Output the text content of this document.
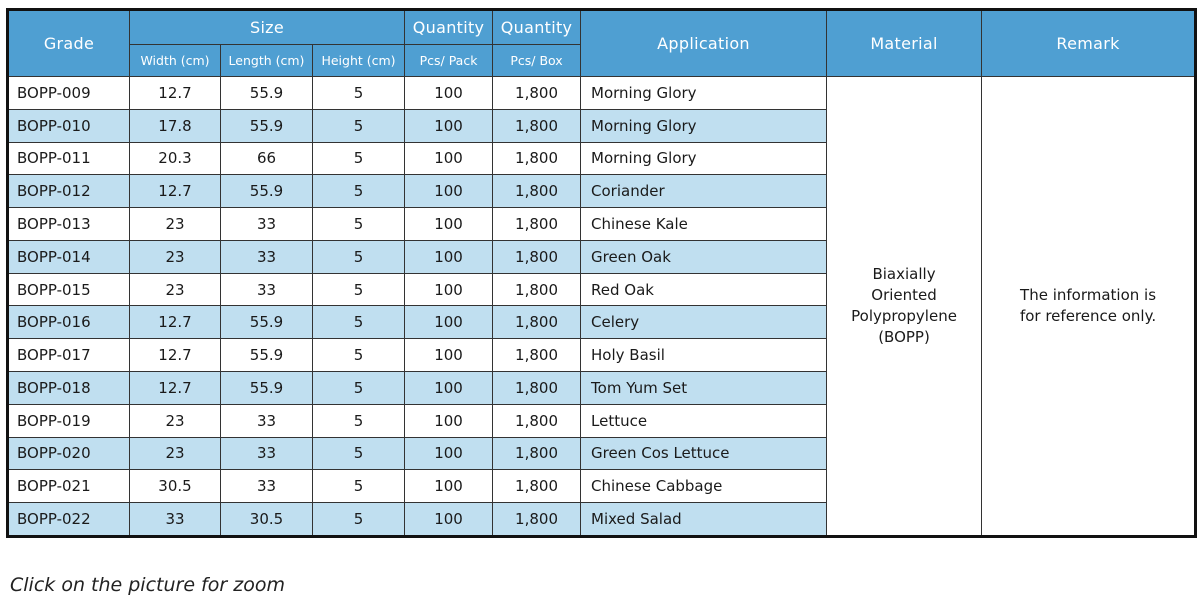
Grade	Size			Quantity	Quantity	Application	Material	Remark
	Width (cm)	Length (cm)	Height (cm)	Pcs/ Pack	Pcs/ Box			
BOPP-009	12.7	55.9	5	100	1,800	Morning Glory	Biaxially Oriented Polypropylene (BOPP)	The information is for reference only.
BOPP-010	17.8	55.9	5	100	1,800	Morning Glory		
BOPP-011	20.3	66	5	100	1,800	Morning Glory		
BOPP-012	12.7	55.9	5	100	1,800	Coriander		
BOPP-013	23	33	5	100	1,800	Chinese Kale		
BOPP-014	23	33	5	100	1,800	Green Oak		
BOPP-015	23	33	5	100	1,800	Red Oak		
BOPP-016	12.7	55.9	5	100	1,800	Celery		
BOPP-017	12.7	55.9	5	100	1,800	Holy Basil		
BOPP-018	12.7	55.9	5	100	1,800	Tom Yum Set		
BOPP-019	23	33	5	100	1,800	Lettuce		
BOPP-020	23	33	5	100	1,800	Green Cos Lettuce		
BOPP-021	30.5	33	5	100	1,800	Chinese Cabbage		
BOPP-022	33	30.5	5	100	1,800	Mixed Salad		
Click on the picture for zoom
